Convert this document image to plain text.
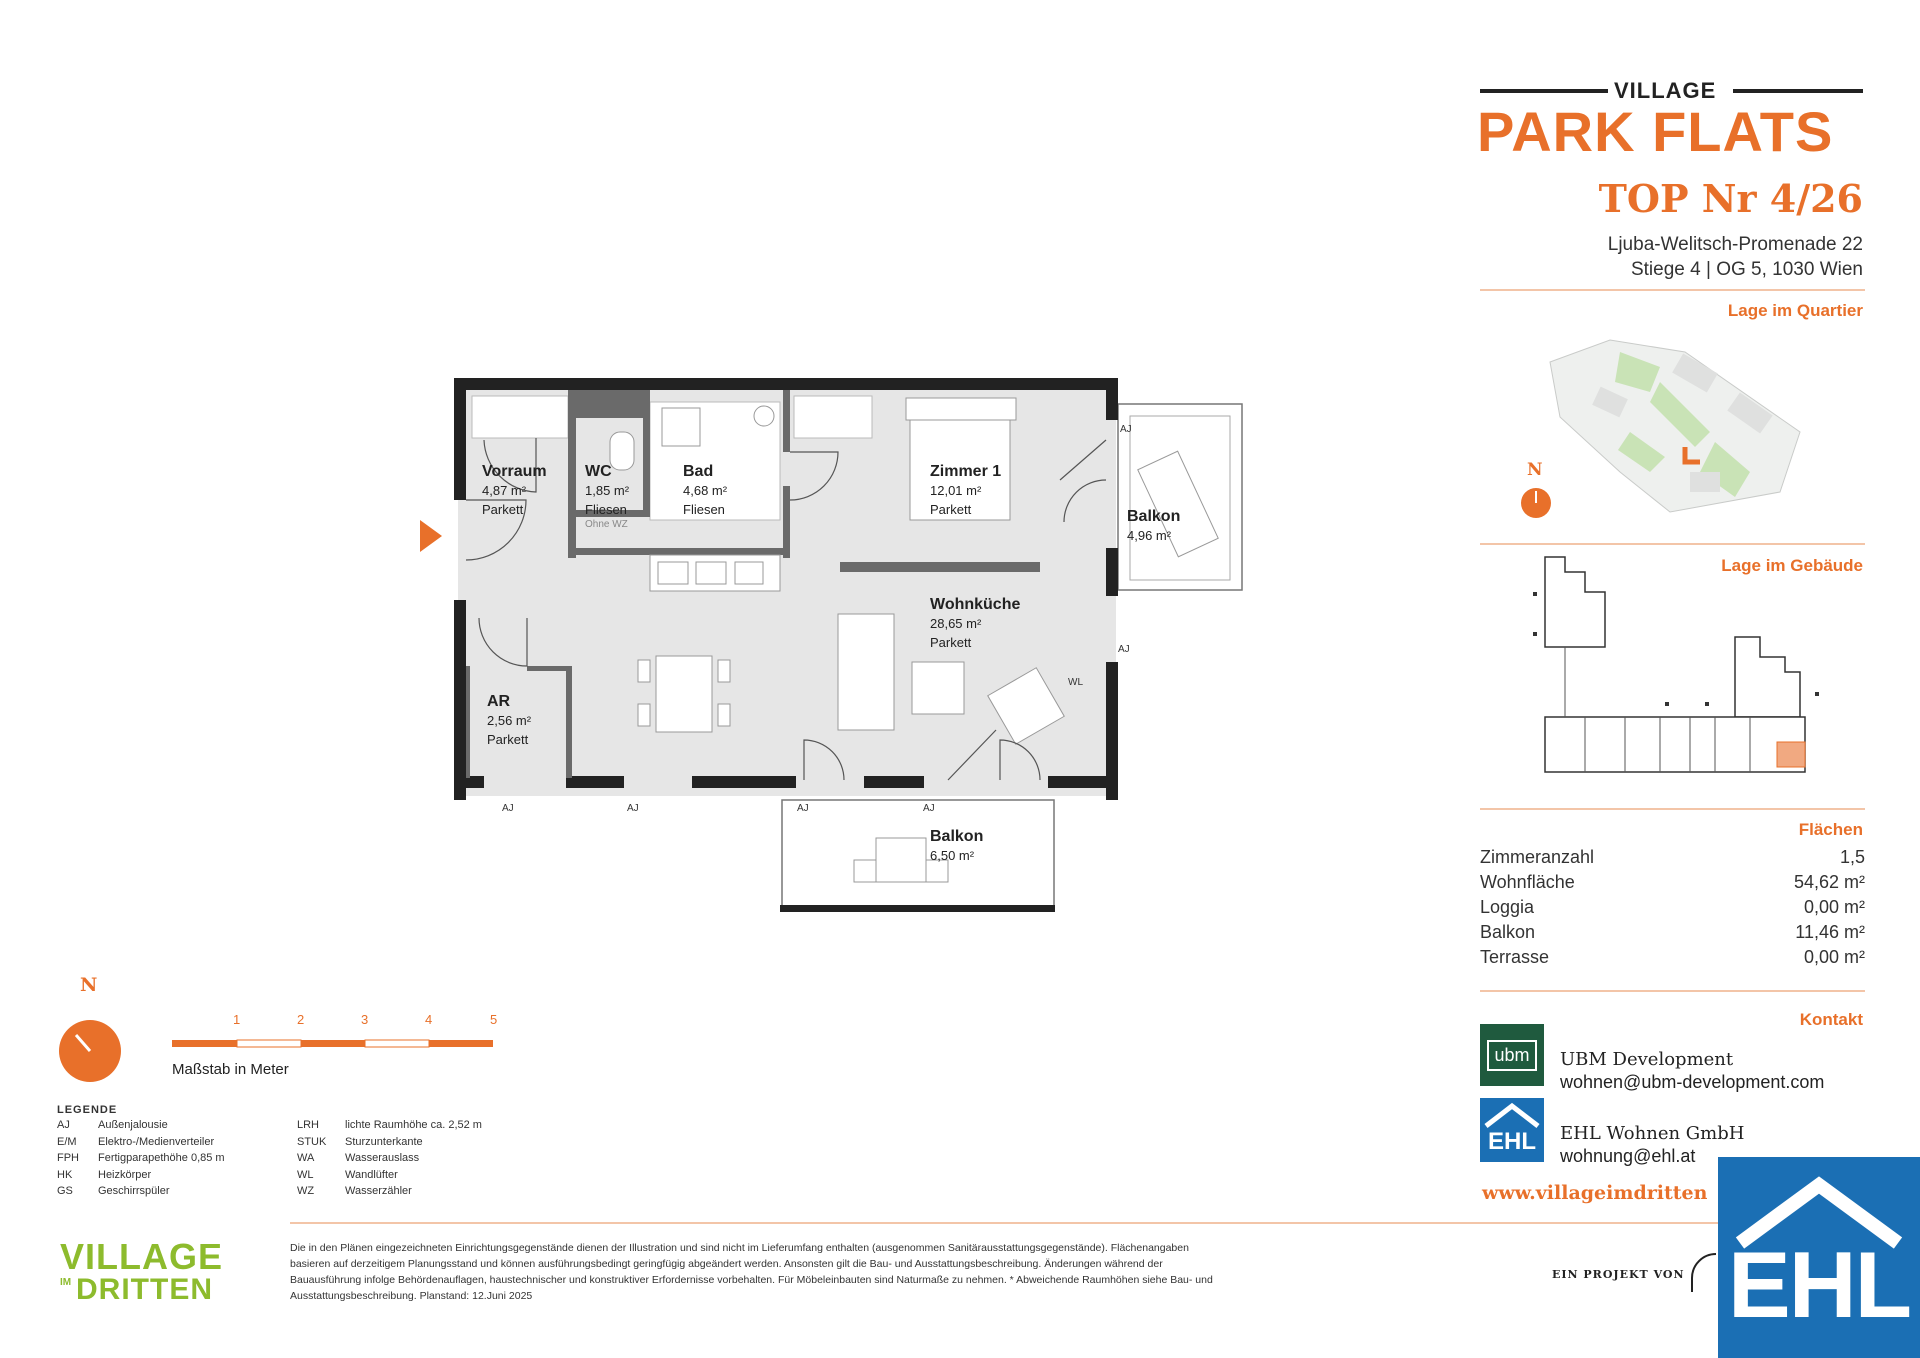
VILLAGE
PARK FLATS
TOP Nr 4/26
Ljuba-Welitsch-Promenade 22
Stiege 4 | OG 5, 1030 Wien
Lage im Quartier
N
Lage im Gebäude
Flächen
Zimmeranzahl	1,5
Wohnfläche	54,62 m²
Loggia	0,00 m²
Balkon	11,46 m²
Terrasse	0,00 m²
Kontakt
ubm	UBM Development
wohnen@ubm-development.com
EHL	EHL Wohnen GmbH
wohnung@ehl.at
www.villageimdritten
EIN PROJEKT VON EHL
Vorraum
4,87 m²
Parkett
WC
1,85 m²
Fliesen
Ohne WZ
Bad
4,68 m²
Fliesen
Zimmer 1
12,01 m²
Parkett	Balkon
4,96 m²
Wohnküche
28,65 m²
Parkett
AR
2,56 m²
Parkett
Balkon
6,50 m²
AJ
AJ
WL
AJ	AJ	AJ	AJ
N
1	2	3	4	5
Maßstab in Meter
LEGENDE
AJ	Außenjalousie
E/M Elektro-/Medienverteiler
FPH Fertigparapethöhe 0,85 m
HK Heizkörper
GS Geschirrspüler
LRH lichte Raumhöhe ca. 2,52 m
STUK Sturzunterkante
WA	Wasserauslass
WL	Wandlüfter
WZ	Wasserzähler
VILLAGE
IM DRITTEN
Die in den Plänen eingezeichneten Einrichtungsgegenstände dienen der Illustration und sind nicht im Lieferumfang enthalten (ausgenommen Sanitärausstattungsgegenstände). Flächenangaben basieren auf derzeitigem Planungsstand und können ausführungsbedingt geringfügig abgeändert werden. Ansonsten gilt die Bau- und Ausstattungsbeschreibung. Änderungen während der Bauausführung infolge Behördenauflagen, haustechnischer und konstruktiver Erfordernisse vorbehalten. Für Möbeleinbauten sind Naturmaße zu nehmen. * Abweichende Raumhöhen siehe Bau- und Ausstattungsbeschreibung. Planstand: 12.Juni 2025
